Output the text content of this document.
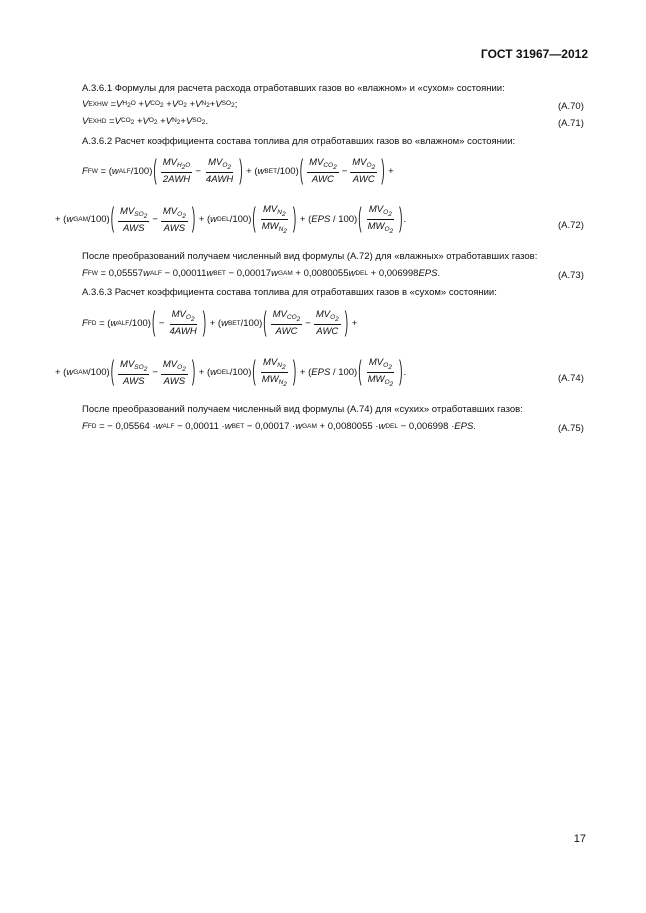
ГОСТ 31967—2012
А.3.6.1 Формулы для расчета расхода отработавших газов во «влажном» и «сухом» состоянии:
V EXHW = V $H_2O + V$ $CO_2 + V$ $O_2 + V$ $N_2 + V$ $SO_2$ ;	(А.70)
V EXHD = V $CO_2 + V$ $O_2 + V$ $N_2 + V$ $SO_2$ .	(А.71)
А.3.6.2 Расчет коэффициента состава топлива для отработавших газов во «влажном» состоянии:
F FW = ( w ALF /100) ( $\frac{MV_{H_2O}}{\text{2AWH}} - \frac{MV_{O_2}}{\text{4AWH}}$ ) + ( w BET /100) ( $\frac{MV_{CO_2}}{\text{AWC}} - \frac{MV_{O_2}}{\text{AWC}}$ ) +
+ ( w GAM /100) ( $\frac{MV_{SO_2}}{\text{AWS}} - \frac{MV_{O_2}}{\text{AWS}}$ ) + ( w DEL /100) ( $\frac{MV_{N_2}}{MW_{N_2}}$ ) + ( EPS / 100) ( $\frac{MV_{O_2}}{MW_{O_2}}$ ) .
(А.72)
После преобразований получаем численный вид формулы (А.72) для «влажных» отработавших газов:
F FW = 0,05557 w ALF − 0,00011 w BET − 0,00017 w GAM + 0,0080055 w DEL + 0,006998 EPS .	(А.73)
А.3.6.3 Расчет коэффициента состава топлива для отработавших газов в «сухом» состоянии:
F FD = ( w ALF /100) ( − $\frac{MV_{O_2}}{\text{4AWH}}$ ) + ( w BET /100) ( $\frac{MV_{CO_2}}{\text{AWC}} - \frac{MV_{O_2}}{\text{AWC}}$ ) +
+ ( w GAM /100) ( $\frac{MV_{SO_2}}{\text{AWS}} - \frac{MV_{O_2}}{\text{AWS}}$ ) + ( w DEL /100) ( $\frac{MV_{N_2}}{MW_{N_2}}$ ) + ( EPS / 100) ( $\frac{MV_{O_2}}{MW_{O_2}}$ ) .
(А.74)
После преобразований получаем численный вид формулы (А.74) для «сухих» отработавших газов:
F FD = − 0,05564 · w ALF − 0,00011 · w BET − 0,00017 · w GAM + 0,0080055 · w DEL − 0,006998 · EPS .	(А.75)
17
